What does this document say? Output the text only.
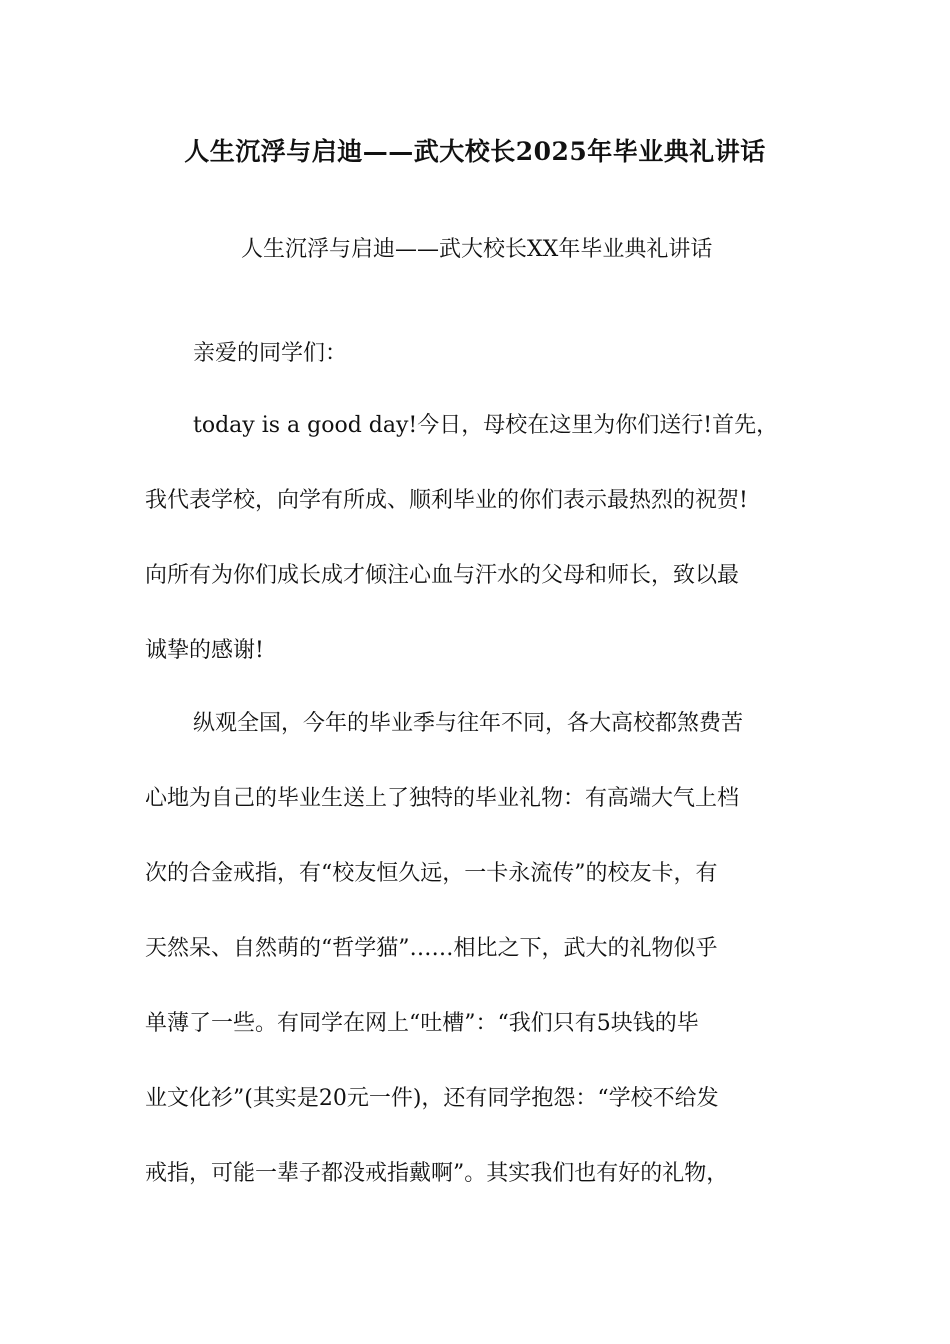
人生沉浮与启迪——武大校长2025年毕业典礼讲话
人生沉浮与启迪——武大校长XX年毕业典礼讲话
亲爱的同学们：
today is a good day!今日，母校在这里为你们送行!首先，
我代表学校，向学有所成、顺利毕业的你们表示最热烈的祝贺!
向所有为你们成长成才倾注心血与汗水的父母和师长，致以最
诚挚的感谢!
纵观全国，今年的毕业季与往年不同，各大高校都煞费苦
心地为自己的毕业生送上了独特的毕业礼物：有高端大气上档
次的合金戒指，有“校友恒久远，一卡永流传”的校友卡，有
天然呆、自然萌的“哲学猫”……相比之下，武大的礼物似乎
单薄了一些。有同学在网上“吐槽”：“我们只有5块钱的毕
业文化衫”(其实是20元一件)，还有同学抱怨：“学校不给发
戒指，可能一辈子都没戒指戴啊”。其实我们也有好的礼物，
